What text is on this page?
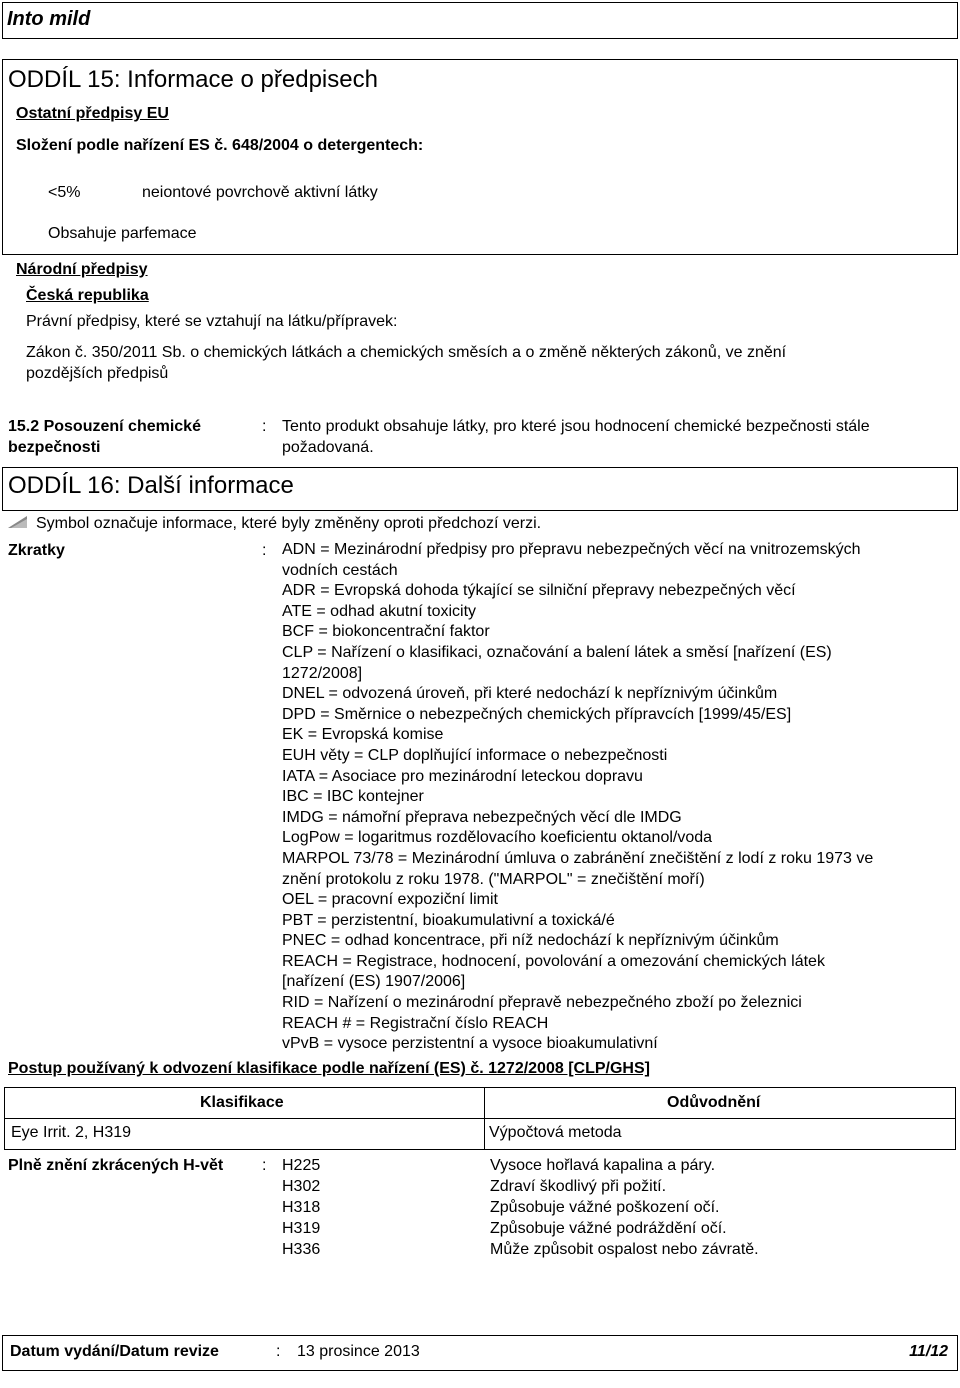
Into mild
ODDÍL 15: Informace o předpisech
Ostatní předpisy EU
Složení podle nařízení ES č. 648/2004 o detergentech:
<5%	neiontové povrchově aktivní látky
Obsahuje parfemace
Národní předpisy
Česká republika
Právní předpisy, které se vztahují na látku/přípravek:
Zákon č. 350/2011 Sb. o chemických látkách a chemických směsích a o změně některých zákonů, ve znění
pozdějších předpisů
15.2 Posouzení chemické
bezpečnosti
: Tento produkt obsahuje látky, pro které jsou hodnocení chemické bezpečnosti stále
požadovaná.
ODDÍL 16: Další informace
Symbol označuje informace, které byly změněny oproti předchozí verzi.
Zkratky	: ADN = Mezinárodní předpisy pro přepravu nebezpečných věcí na vnitrozemských
vodních cestách
ADR = Evropská dohoda týkající se silniční přepravy nebezpečných věcí
ATE = odhad akutní toxicity
BCF = biokoncentrační faktor
CLP = Nařízení o klasifikaci, označování a balení látek a směsí [nařízení (ES)
1272/2008]
DNEL = odvozená úroveň, při které nedochází k nepříznivým účinkům
DPD = Směrnice o nebezpečných chemických přípravcích [1999/45/ES]
EK = Evropská komise
EUH věty = CLP doplňující informace o nebezpečnosti
IATA = Asociace pro mezinárodní leteckou dopravu
IBC = IBC kontejner
IMDG = námořní přeprava nebezpečných věcí dle IMDG
LogPow = logaritmus rozdělovacího koeficientu oktanol/voda
MARPOL 73/78 = Mezinárodní úmluva o zabránění znečištění z lodí z roku 1973 ve
znění protokolu z roku 1978. ("MARPOL" = znečištění moří)
OEL = pracovní expoziční limit
PBT = perzistentní, bioakumulativní a toxická/é
PNEC = odhad koncentrace, při níž nedochází k nepříznivým účinkům
REACH = Registrace, hodnocení, povolování a omezování chemických látek
[nařízení (ES) 1907/2006]
RID = Nařízení o mezinárodní přepravě nebezpečného zboží po železnici
REACH # = Registrační číslo REACH
vPvB = vysoce perzistentní a vysoce bioakumulativní
Postup používaný k odvození klasifikace podle nařízení (ES) č. 1272/2008 [CLP/GHS]
Klasifikace	Odůvodnění
Eye Irrit. 2, H319	Výpočtová metoda
Plně znění zkrácených H-vět : H225	Vysoce hořlavá kapalina a páry.
H302	Zdraví škodlivý při požití.
H318	Způsobuje vážné poškození očí.
H319	Způsobuje vážné podráždění očí.
H336	Může způsobit ospalost nebo závratě.
Datum vydání/Datum revize	: 13 prosince 2013	11/12
